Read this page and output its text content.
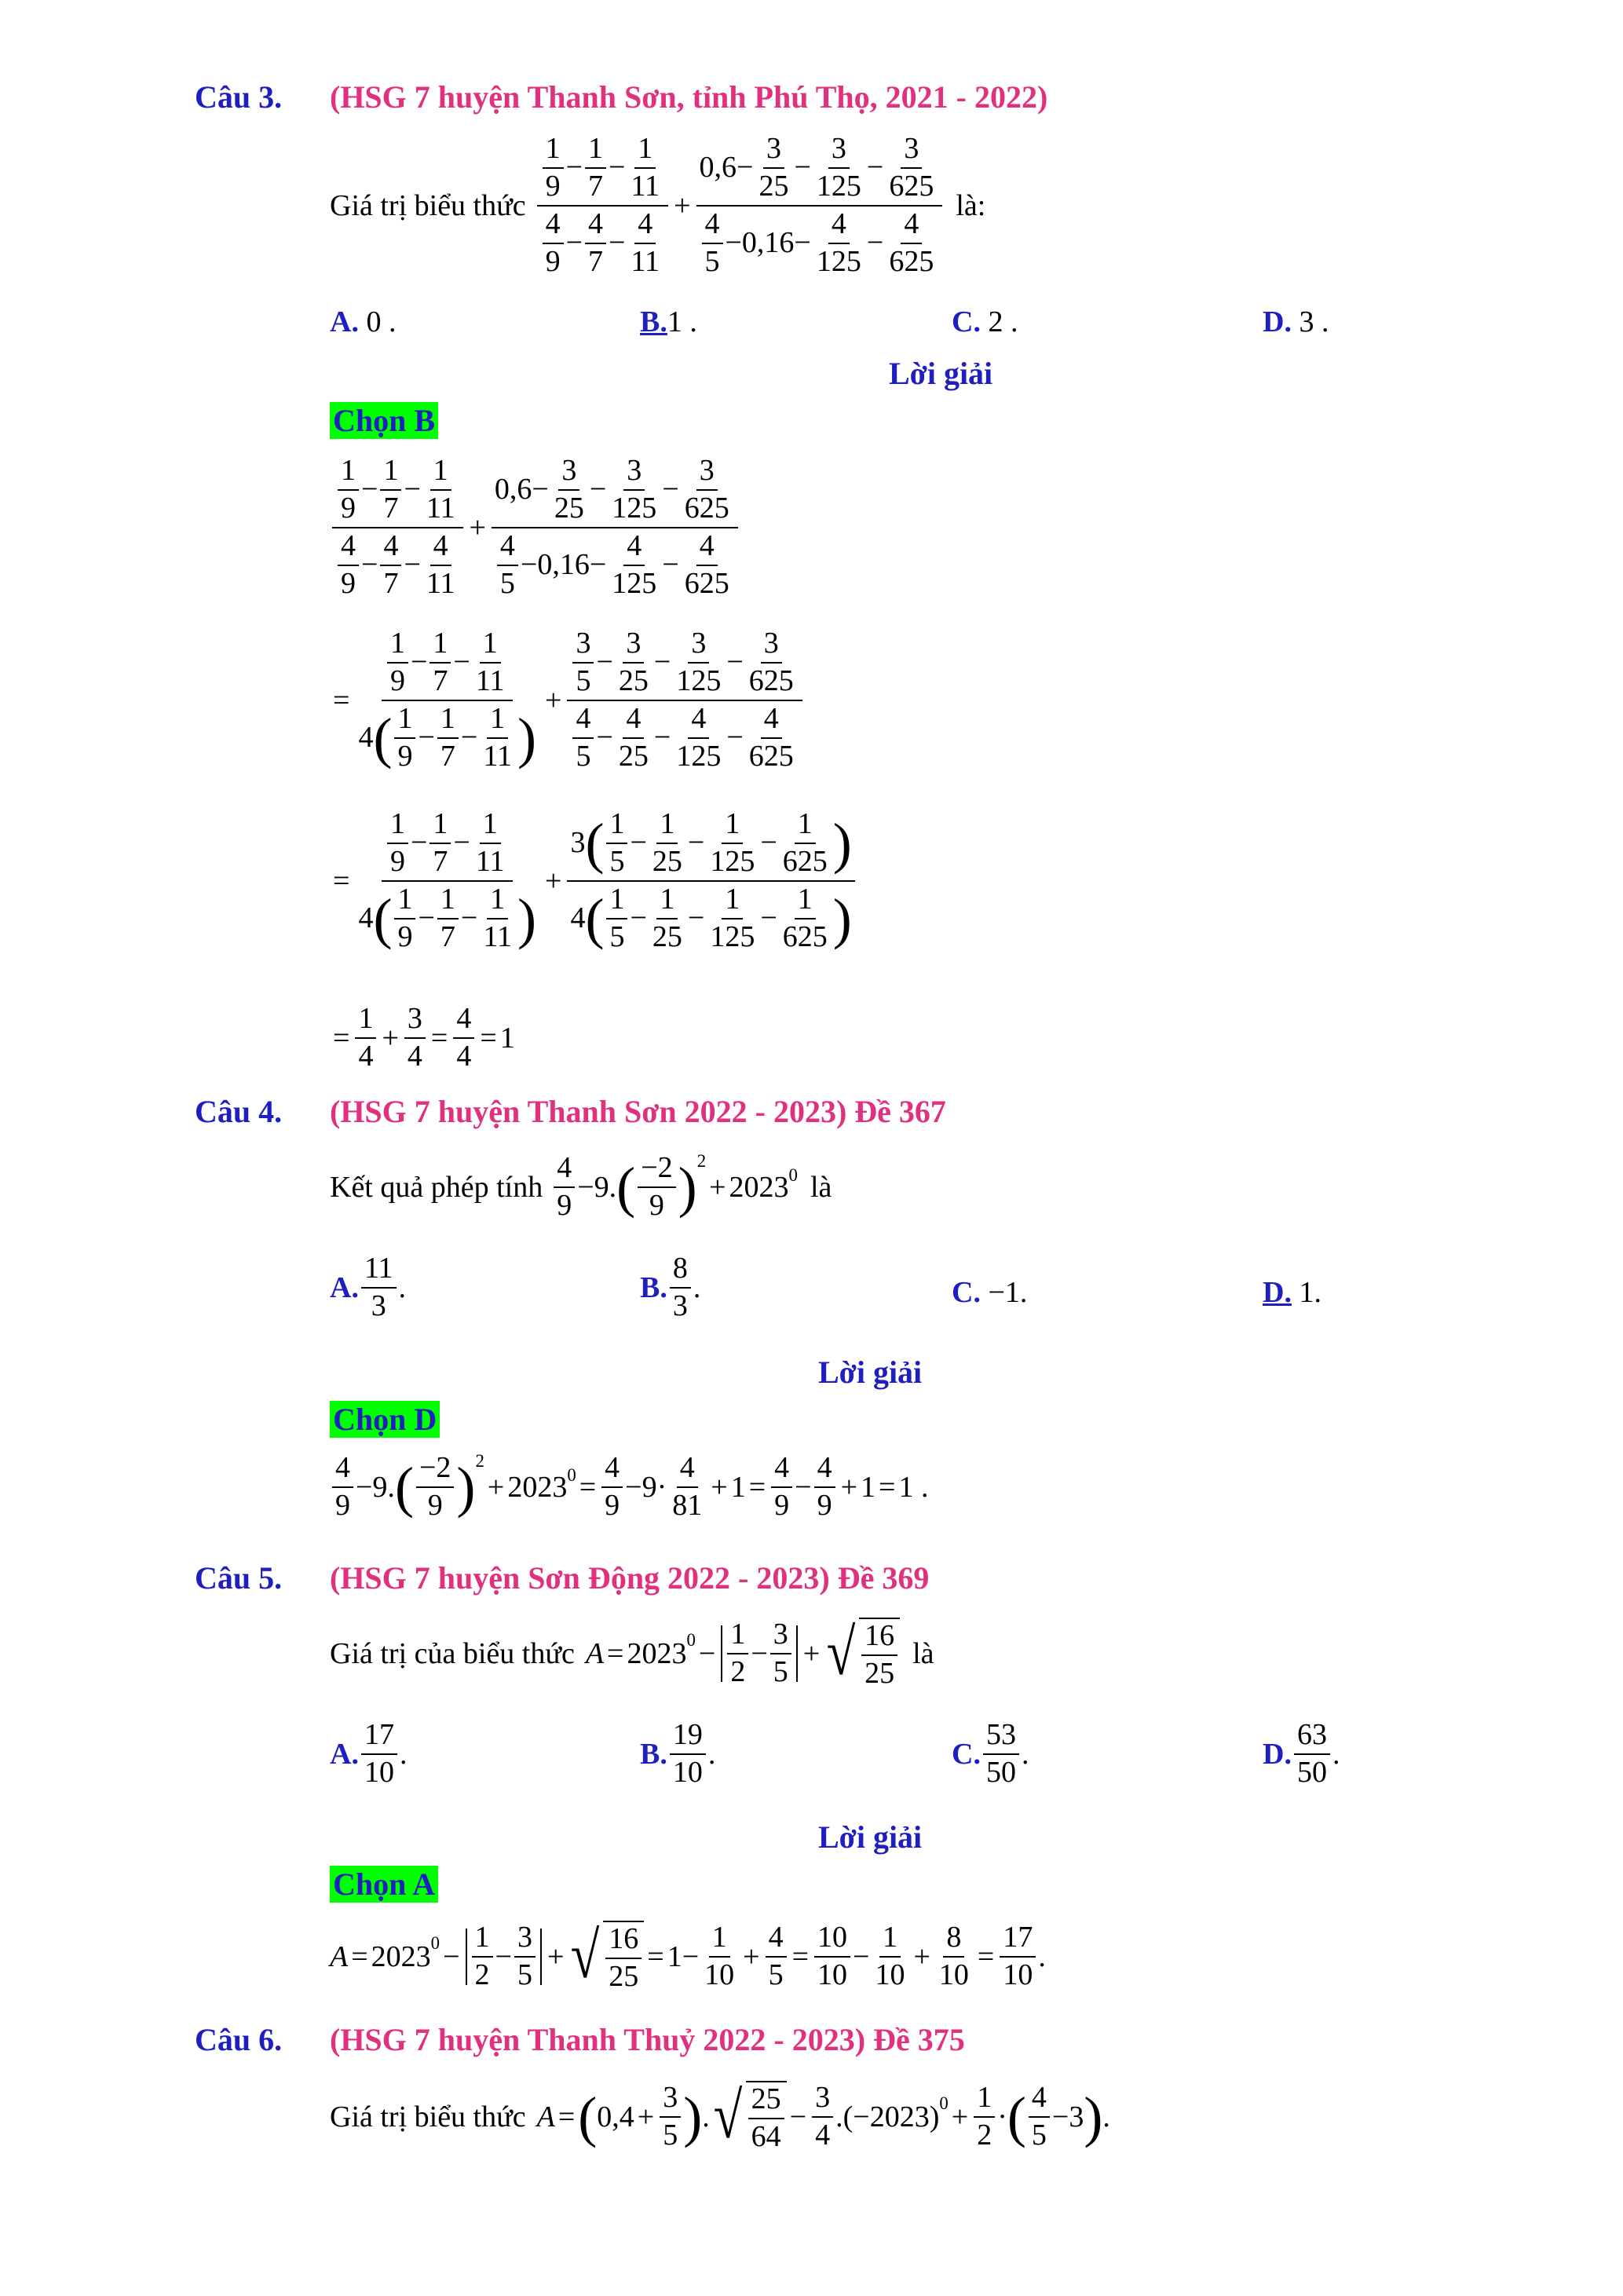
Câu 3. (HSG 7 huyện Thanh Sơn, tỉnh Phú Thọ, 2021 - 2022)
Giá trị biểu thức
1
9
−
1
7
−
1
11
4
9
−
4
7
−
4
11
+ 0,6−
3
25
−
3
125
−
3
625
4
5
−0,16−
4
125
−
4
625 là:
A. 0 .	B.1 .	C. 2 .	D. 3 .
Lời giải
Chọn B
1
9
−
1
7
−
1
11
4
9
−
4
7
−
4
11
+ 0,6−
3
25
−
3
125
−
3
625
4
5
−0,16−
4
125
−
4
625
= 1
9
−
1
7
−
1
11
4 ( 1
9
−
1
7
−
1
11 ) + 3
5
−
3
25
−
3
125
−
3
625
4
5
−
4
25
−
4
125
−
4
625
= 1
9
−
1
7
−
1
11
4 ( 1
9
−
1
7
−
1
11 ) + 3 ( 1
5
−
1
25
−
1
125
−
1
625 )
4 ( 1
5
−
1
25
−
1
125
−
1
625 )
= $\frac{1}{4} + \frac{3}{4} = \frac{4}{4} = 1$
Câu 4. (HSG 7 huyện Thanh Sơn 2022 - 2023) Đề 367
Kết quả phép tính
4
9
−9. ( −2
9 ) 2
+ 2023 0 là
A.
11
3
.	B.
8
3
.	C. −1.	D. 1.
Lời giải
Chọn D
4
9
−9. ( −2
9 ) 2
+ 2023 $0 = \frac{4}{9} -9\cdot$
4
81
+ $1 = \frac{4}{9}$ −
4
9
+ 1 = 1 .
Câu 5. (HSG 7 huyện Sơn Động 2022 - 2023) Đề 369
Giá trị của biểu thức A = 2023 0 −
1
2
−
3
5
+ √ $\frac{16}{25}$ là
A.
17
10
.	B.
19
10
.	C.
53
50
.	D.
63
50
.
Lời giải
Chọn A
A = 2023 0 −
1
2
−
3
5
+ √ $\frac{16}{25} = 1- \frac{1}{10} + \frac{4}{5} = \frac{10}{10}$ −
1
10
+ $\frac{8}{10} = \frac{17}{10}$ .
Câu 6. (HSG 7 huyện Thanh Thuỷ 2022 - 2023) Đề 375
Giá trị biểu thức A = ( $0,4 + \frac{3}{5}$ ) . √ $\frac{25}{64} - \frac{3}{4} .(-2023) 0 + \frac{1}{2}$ · ( 4
5
−3 ) .
